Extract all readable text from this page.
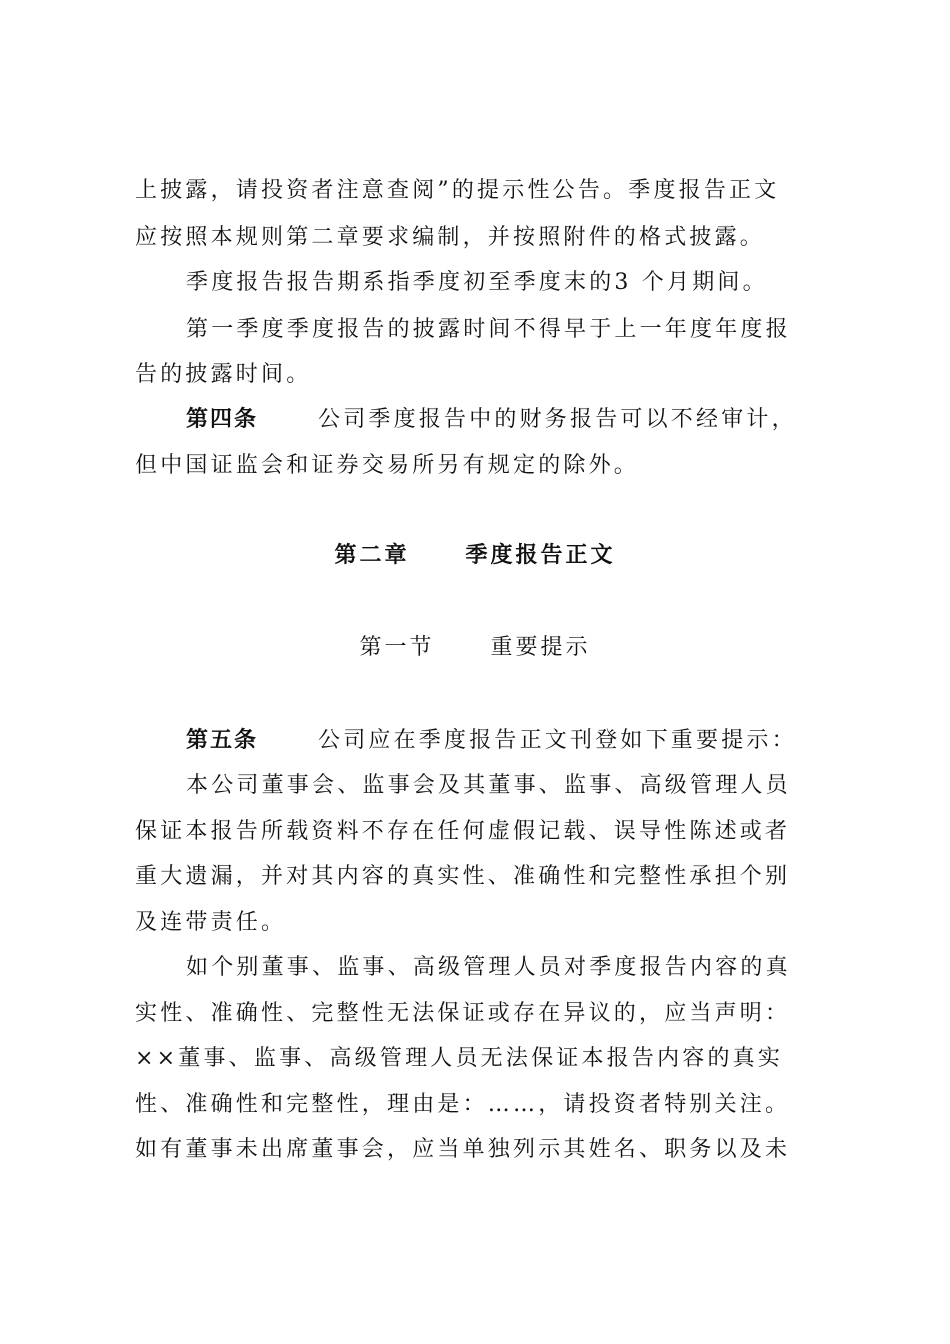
上披露，请投资者注意查阅”的提示性公告。季度报告正文
应按照本规则第二章要求编制，并按照附件的格式披露。
季度报告报告期系指季度初至季度末的3 个月期间。
第一季度季度报告的披露时间不得早于上一年度年度报
告的披露时间。
第四条	公司季度报告中的财务报告可以不经审计，
但中国证监会和证券交易所另有规定的除外。
第二章	季度报告正文
第一节	重要提示
第五条	公司应在季度报告正文刊登如下重要提示：
本公司董事会、监事会及其董事、监事、高级管理人员
保证本报告所载资料不存在任何虚假记载、误导性陈述或者
重大遗漏，并对其内容的真实性、准确性和完整性承担个别
及连带责任。
如个别董事、监事、高级管理人员对季度报告内容的真
实性、准确性、完整性无法保证或存在异议的，应当声明：
××董事、监事、高级管理人员无法保证本报告内容的真实
性、准确性和完整性，理由是：……，请投资者特别关注。
如有董事未出席董事会，应当单独列示其姓名、职务以及未
